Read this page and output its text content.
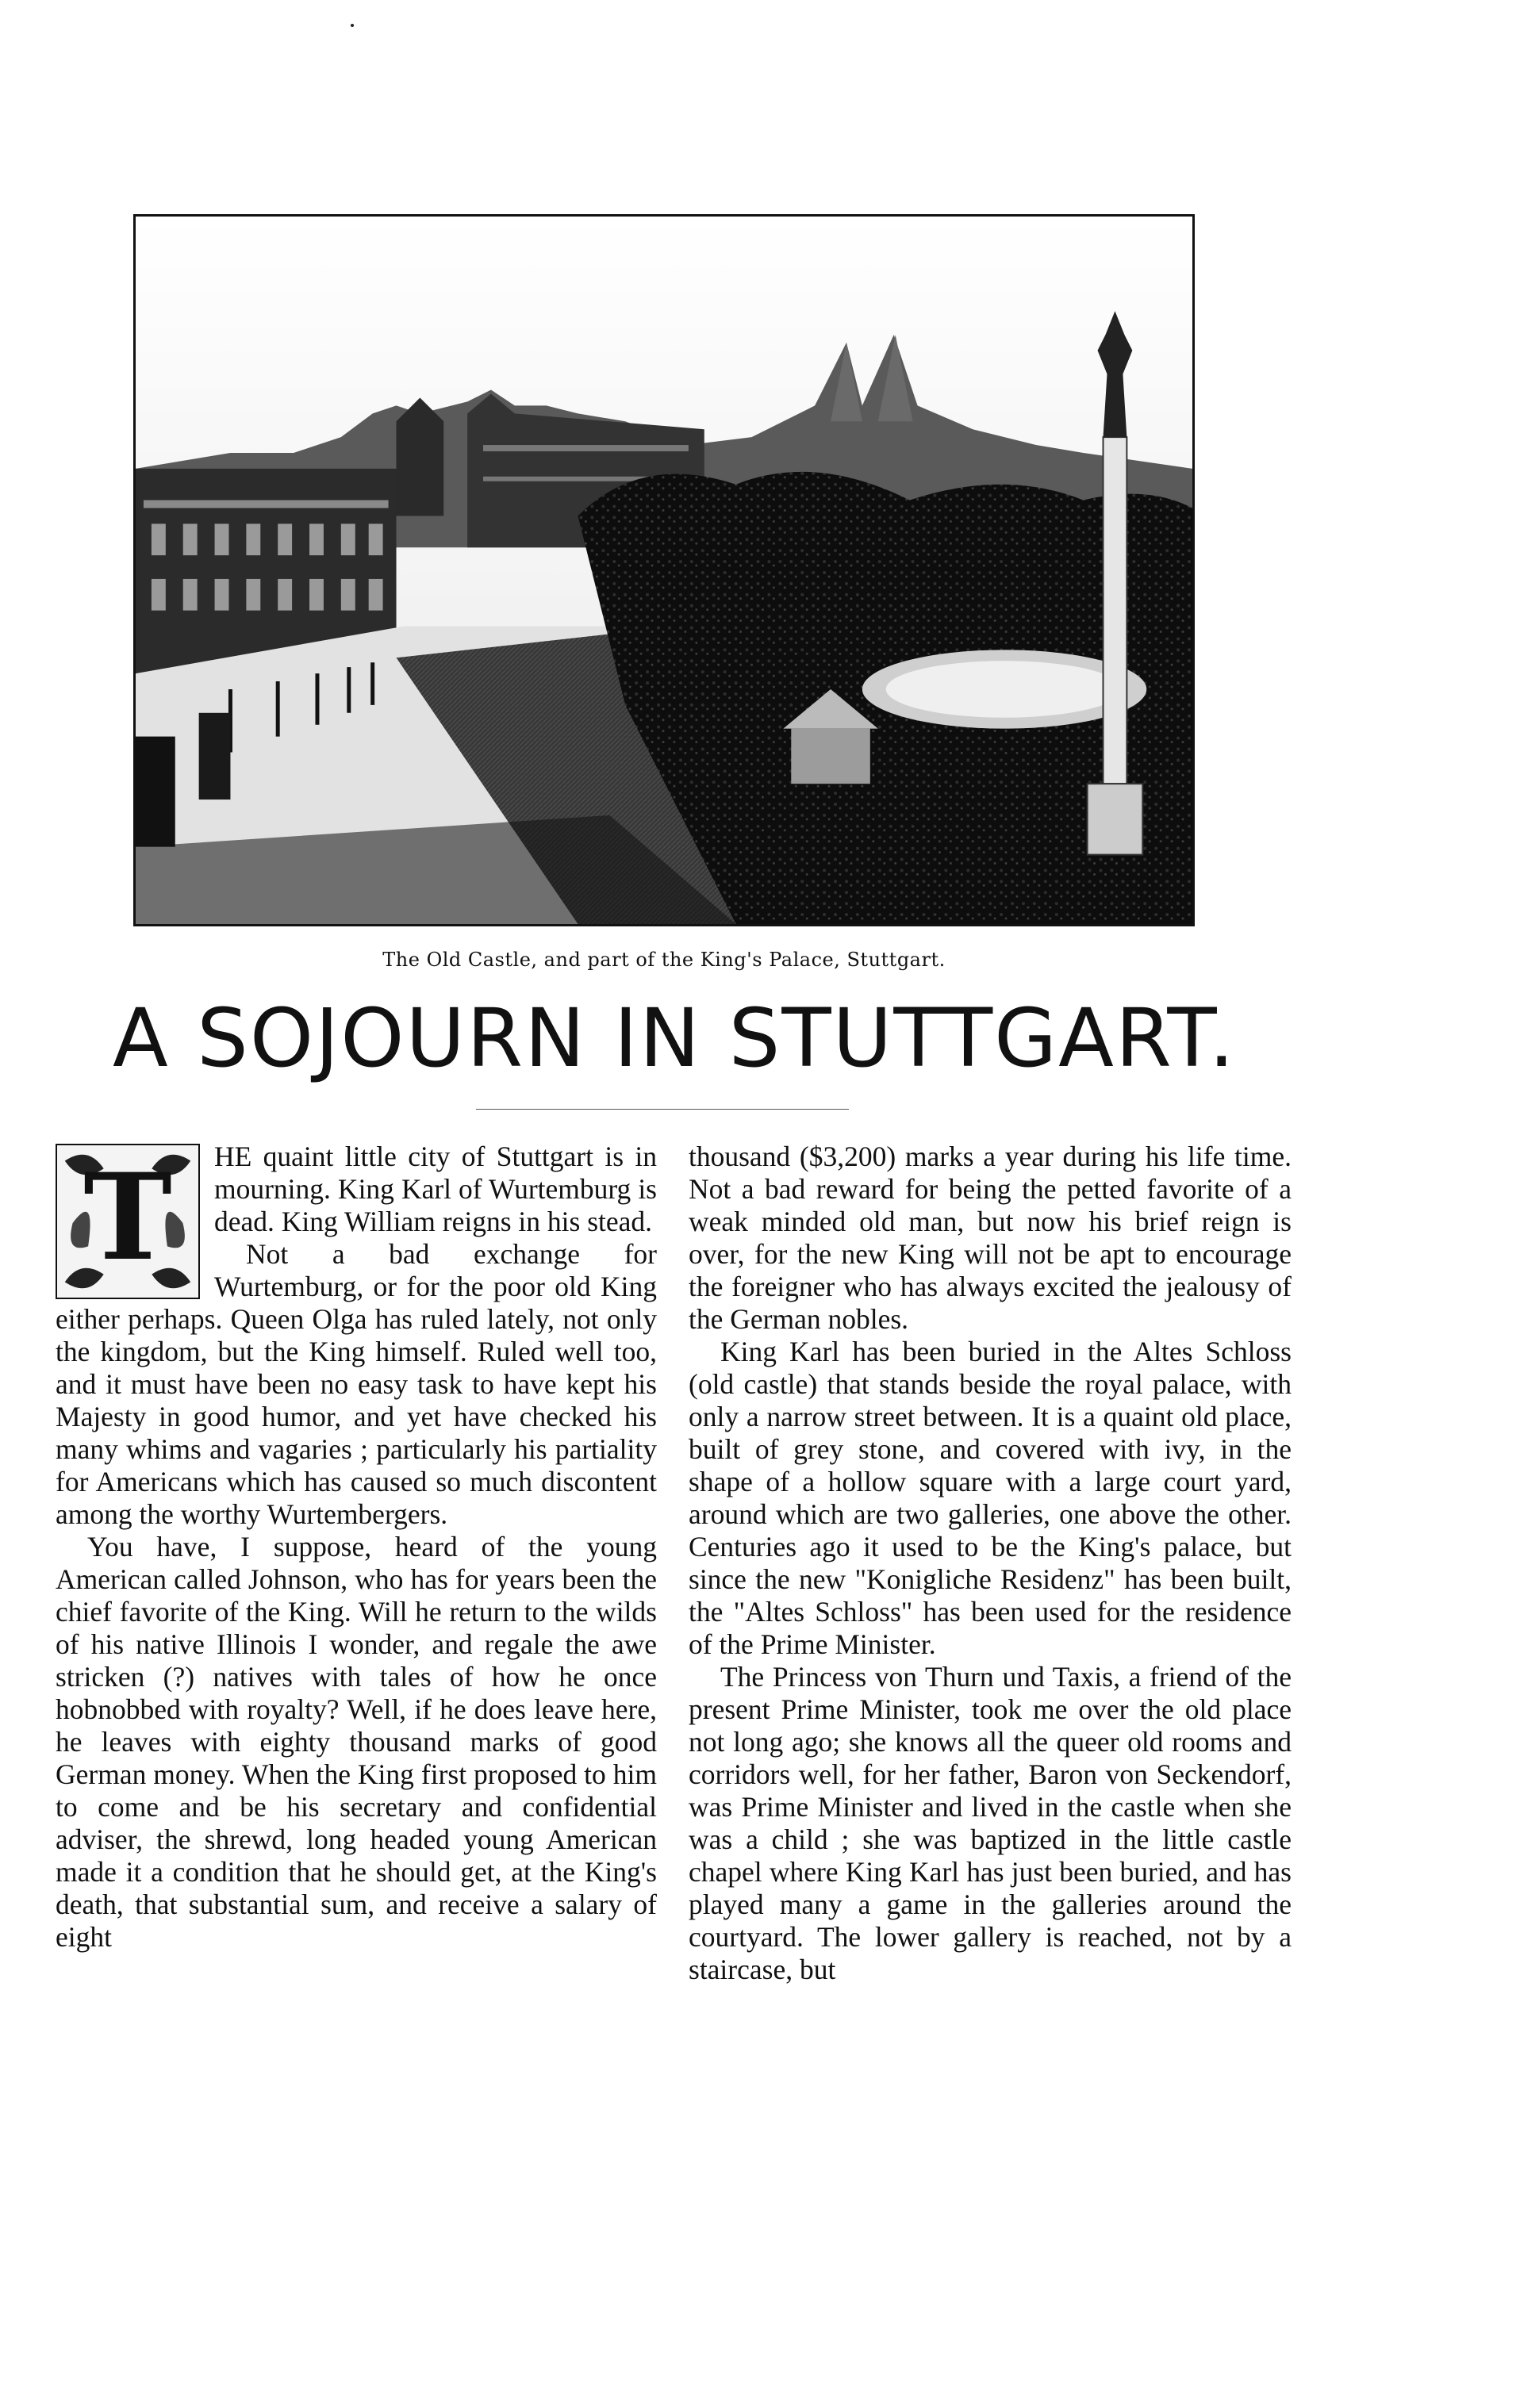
The Old Castle, and part of the King's Palace, Stuttgart.
A SOJOURN IN STUTTGART.

T	HE quaint little city of Stuttgart is in mourning. King Karl of Wurtemburg is dead. King William reigns in his stead.

Not a bad exchange for Wurtemburg, or for the poor old King either perhaps. Queen Olga has ruled lately, not only the kingdom, but the King himself. Ruled well too, and it must have been no easy task to have kept his Majesty in good humor, and yet have checked his many whims and vagaries ; particularly his partiality for Americans which has caused so much discontent among the worthy Wurtembergers.

You have, I suppose, heard of the young American called Johnson, who has for years been the chief favorite of the King. Will he return to the wilds of his native Illinois I wonder, and regale the awe stricken (?) natives with tales of how he once hobnobbed with royalty? Well, if he does leave here, he leaves with eighty thousand marks of good German money. When the King first proposed to him to come and be his secretary and confidential adviser, the shrewd, long headed young American made it a condition that he should get, at the King's death, that substantial sum, and receive a salary of eight

thousand ($3,200) marks a year during his life time. Not a bad reward for being the petted favorite of a weak minded old man, but now his brief reign is over, for the new King will not be apt to encourage the foreigner who has always excited the jealousy of the German nobles.

King Karl has been buried in the Altes Schloss (old castle) that stands beside the royal palace, with only a narrow street between. It is a quaint old place, built of grey stone, and covered with ivy, in the shape of a hollow square with a large court yard, around which are two galleries, one above the other. Centuries ago it used to be the King's palace, but since the new "Konigliche Residenz" has been built, the "Altes Schloss" has been used for the residence of the Prime Minister.

The Princess von Thurn und Taxis, a friend of the present Prime Minister, took me over the old place not long ago; she knows all the queer old rooms and corridors well, for her father, Baron von Seckendorf, was Prime Minister and lived in the castle when she was a child ; she was baptized in the little castle chapel where King Karl has just been buried, and has played many a game in the galleries around the courtyard. The lower gallery is reached, not by a staircase, but
